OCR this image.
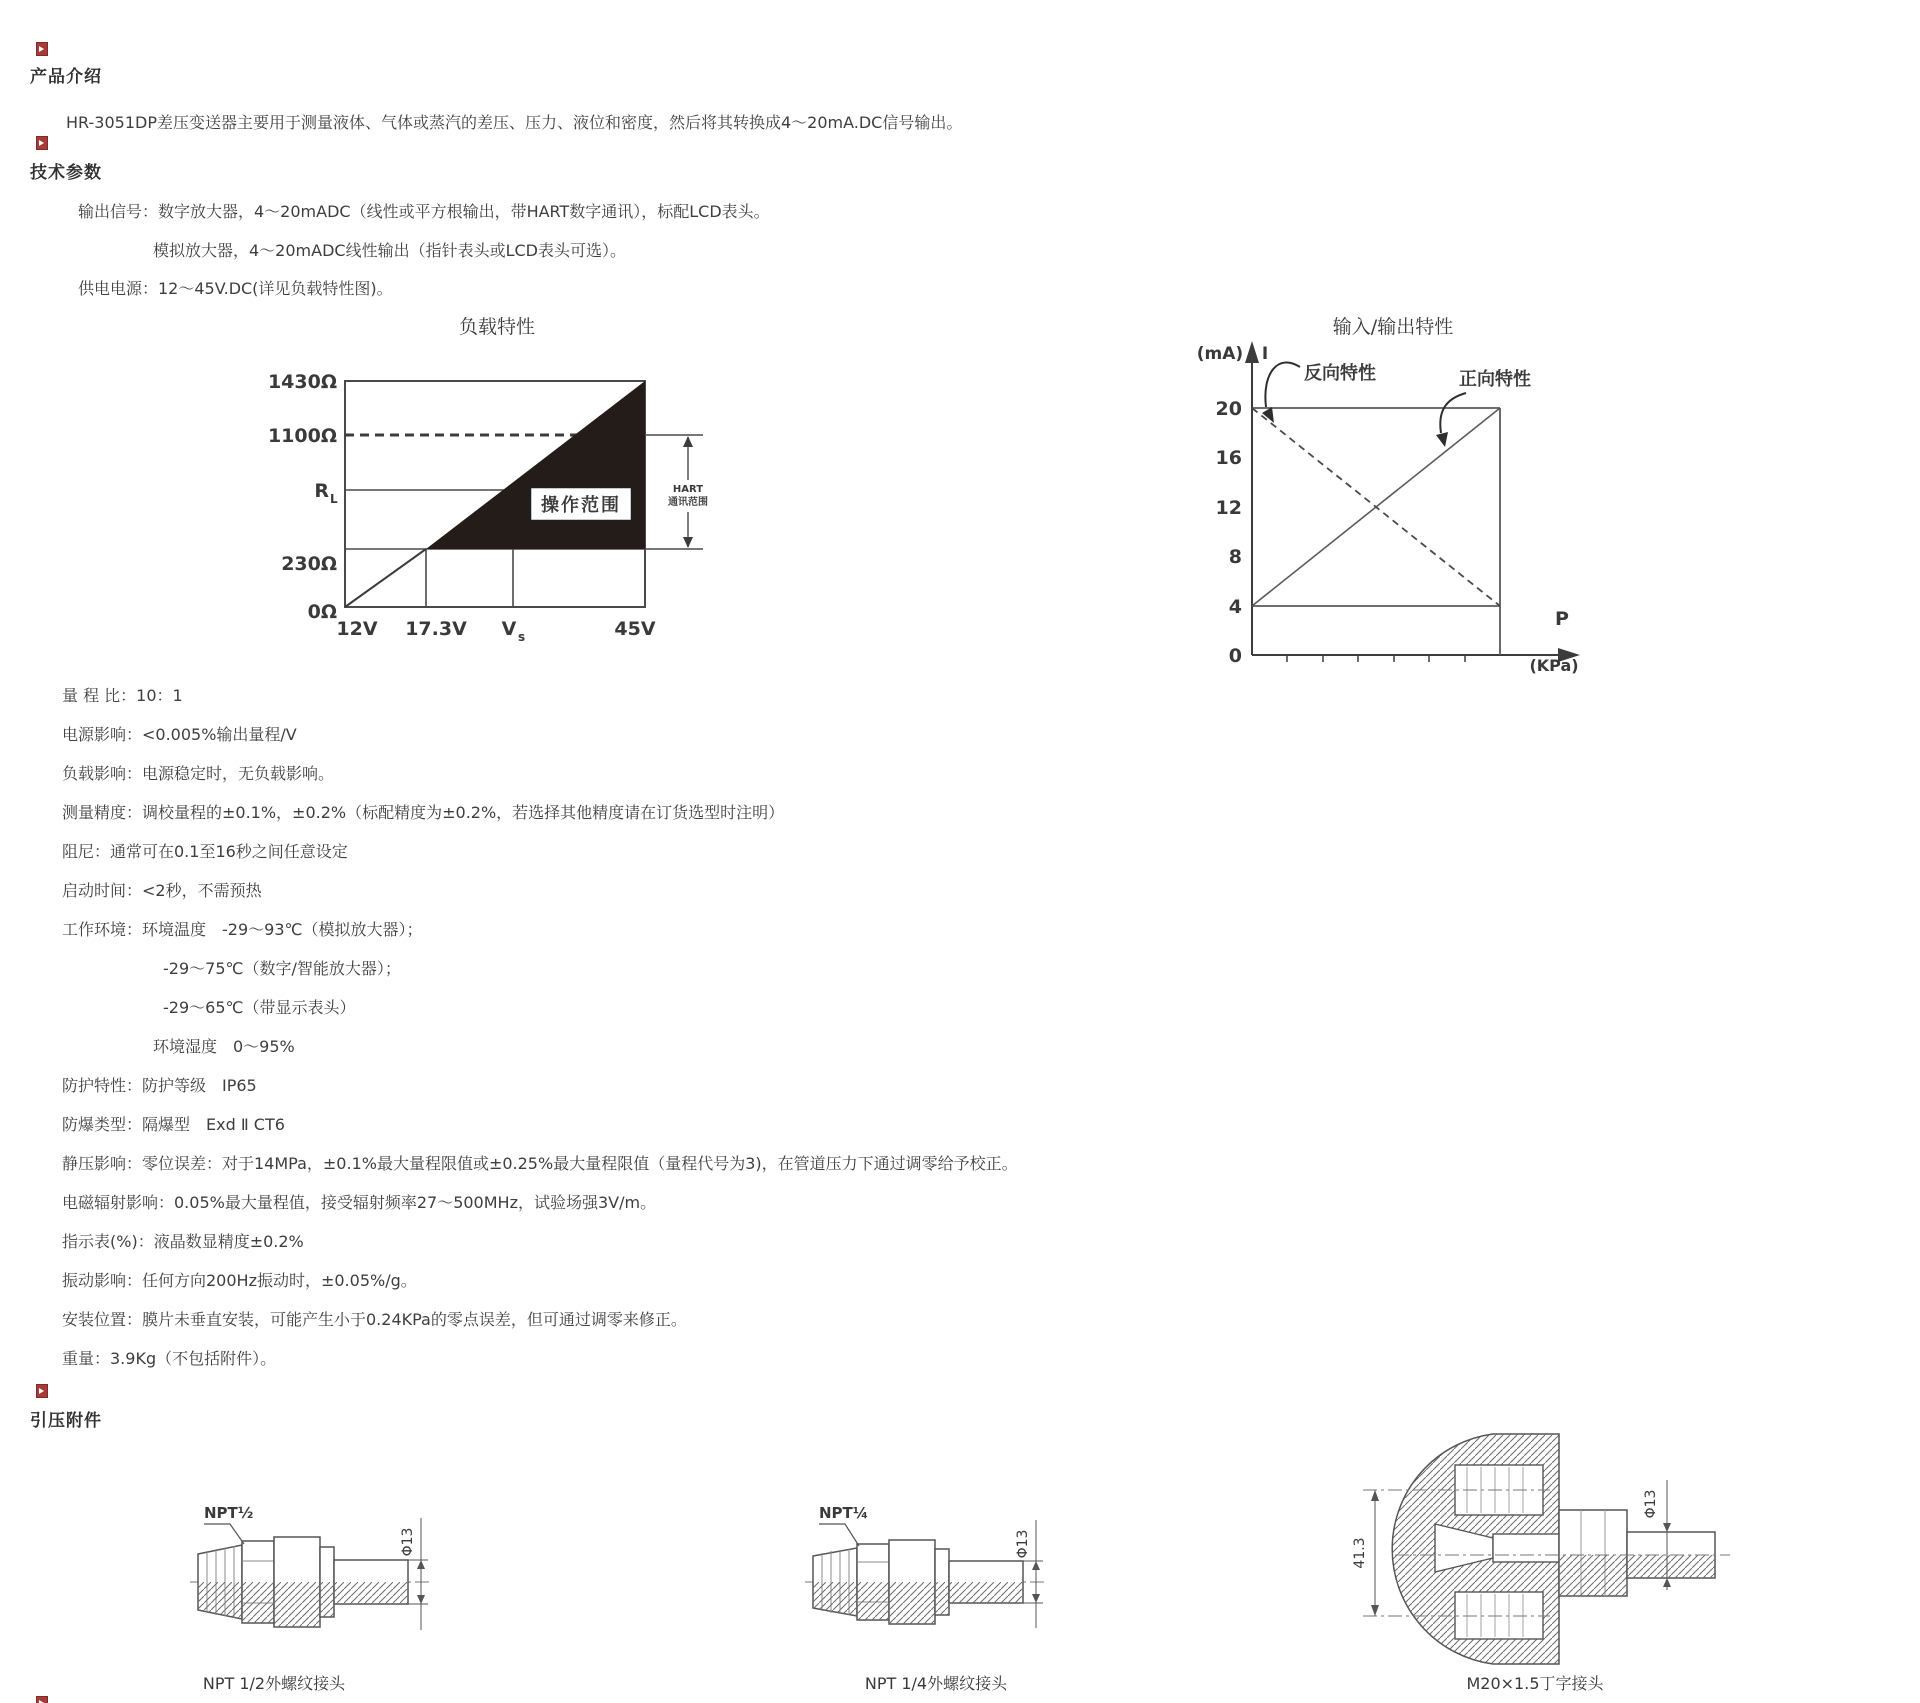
产品介绍
HR-3051DP差压变送器主要用于测量液体、气体或蒸汽的差压、压力、液位和密度，然后将其转换成4～20mA.DC信号输出。
技术参数
输出信号：数字放大器，4～20mADC（线性或平方根输出，带HART数字通讯），标配LCD表头。
模拟放大器，4～20mADC线性输出（指针表头或LCD表头可选）。
供电电源：12～45V.DC(详见负载特性图)。
负载特性
操作范围
HART
通讯范围
1430Ω
1100Ω
R L
230Ω
0Ω
12V 17.3V V s	45V
输入/输出特性
反向特性	正向特性
(mA) I
20
16
12
8
4
0
P
(KPa)
量 程 比：10：1
电源影响：<0.005%输出量程/V
负载影响：电源稳定时，无负载影响。
测量精度：调校量程的±0.1%，±0.2%（标配精度为±0.2%，若选择其他精度请在订货选型时注明）
阻尼：通常可在0.1至16秒之间任意设定
启动时间：<2秒，不需预热
工作环境：环境温度　-29～93℃（模拟放大器）；
-29～75℃（数字/智能放大器）；
-29～65℃（带显示表头）
环境湿度　0～95%
防护特性：防护等级　IP65
防爆类型：隔爆型　Exd Ⅱ CT6
静压影响：零位误差：对于14MPa，±0.1%最大量程限值或±0.25%最大量程限值（量程代号为3)，在管道压力下通过调零给予校正。
电磁辐射影响：0.05%最大量程值，接受辐射频率27～500MHz，试验场强3V/m。
指示表(%)：液晶数显精度±0.2%
振动影响：任何方向200Hz振动时，±0.05%/g。
安装位置：膜片未垂直安装，可能产生小于0.24KPa的零点误差，但可通过调零来修正。
重量：3.9Kg（不包括附件）。
引压附件
Φ13
NPT½
NPT 1/2外螺纹接头
Φ13
NPT¼
NPT 1/4外螺纹接头
41.3
Φ13
M20×1.5丁字接头
